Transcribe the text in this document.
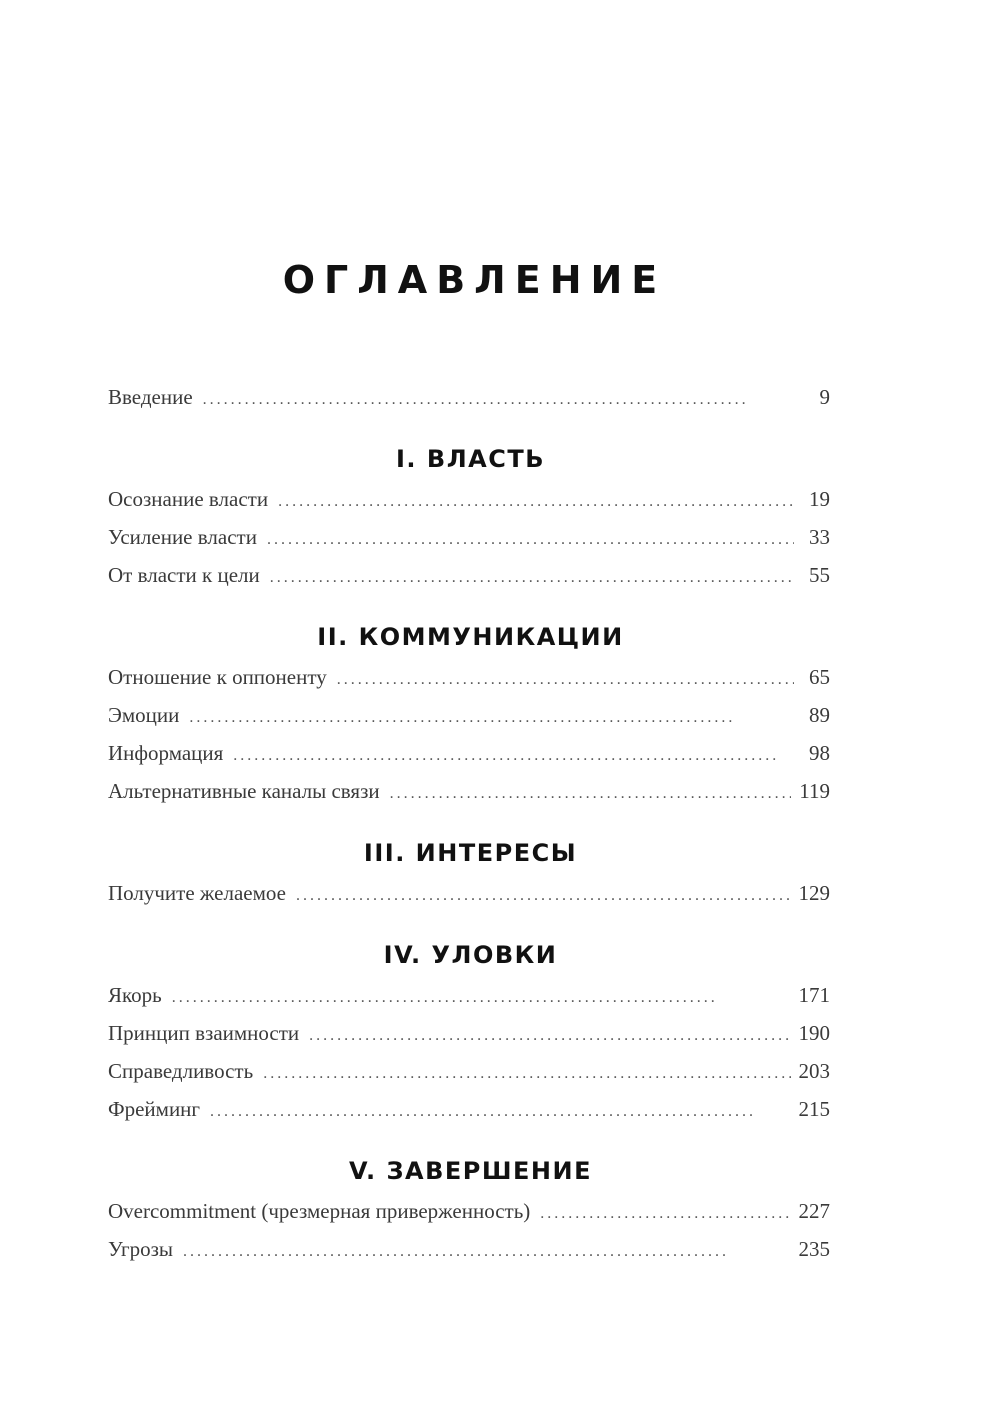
ОГЛАВЛЕНИЕ
Введение . . .	9
I. ВЛАСТЬ
Осознание власти . . .	19
Усиление власти . . .	33
От власти к цели . . .	55
II. КОММУНИКАЦИИ
Отношение к оппоненту . . .	65
Эмоции . . .	89
Информация . . .	98
Альтернативные каналы связи . . .	119
III. ИНТЕРЕСЫ
Получите желаемое . . .	129
IV. УЛОВКИ
Якорь . . .	171
Принцип взаимности . . .	190
Справедливость . . .	203
Фрейминг . . .	215
V. ЗАВЕРШЕНИЕ
Overcommitment (чрезмерная приверженность) . . .	227
Угрозы . . .	235
